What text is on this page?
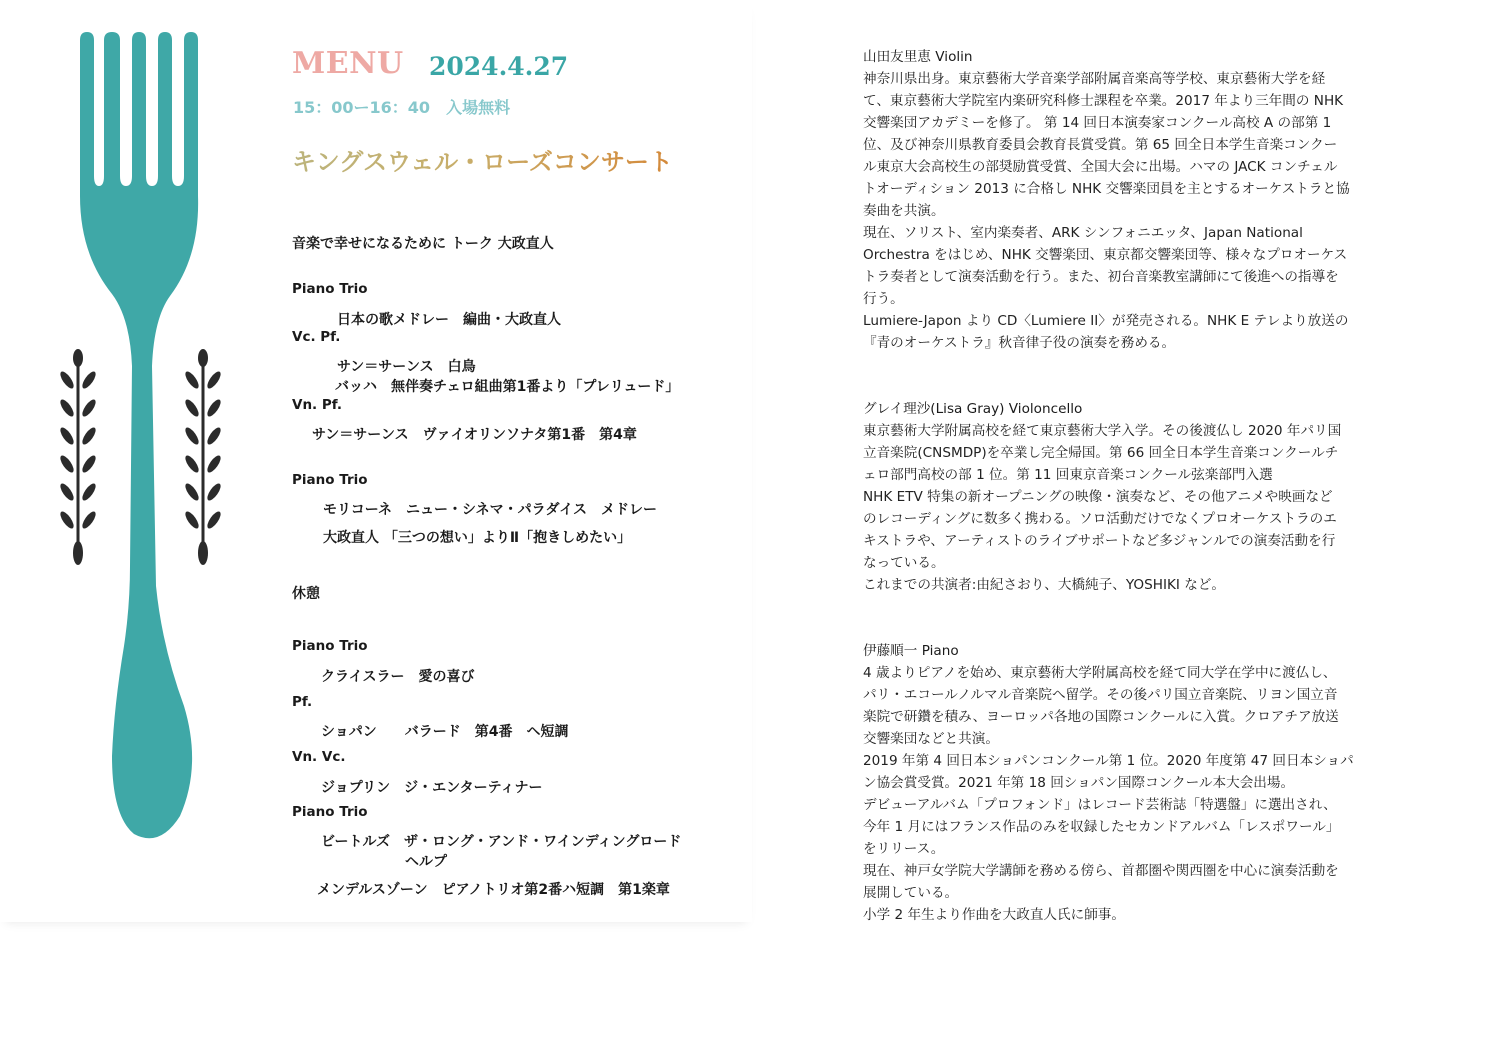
MENU 2024.4.27
15：00ー16：40　入場無料
キングスウェル・ローズコンサート
音楽で幸せになるために トーク 大政直人
Piano Trio
日本の歌メドレー　編曲・大政直人
Vc. Pf.
サン＝サーンス　白鳥
バッハ　無伴奏チェロ組曲第1番より「プレリュード」
Vn. Pf.
サン＝サーンス　ヴァイオリンソナタ第1番　第4章
Piano Trio
モリコーネ　ニュー・シネマ・パラダイス　メドレー
大政直人 「三つの想い」よりⅡ「抱きしめたい」
休憩
Piano Trio
クライスラー　愛の喜び
Pf.
ショパン　　バラード　第4番　ヘ短調
Vn. Vc.
ジョプリン　ジ・エンターティナー
Piano Trio
ビートルズ　ザ・ロング・アンド・ワインディングロード
ヘルプ
メンデルスゾーン　ピアノトリオ第2番ハ短調　第1楽章
山田友里恵 Violin
神奈川県出身。東京藝術大学音楽学部附属音楽高等学校、東京藝術大学を経
て、東京藝術大学院室内楽研究科修士課程を卒業。2017 年より三年間の NHK
交響楽団アカデミーを修了。 第 14 回日本演奏家コンクール高校 A の部第 1
位、及び神奈川県教育委員会教育長賞受賞。第 65 回全日本学生音楽コンクー
ル東京大会高校生の部奨励賞受賞、全国大会に出場。ハマの JACK コンチェル
トオーディション 2013 に合格し NHK 交響楽団員を主とするオーケストラと協
奏曲を共演。
現在、ソリスト、室内楽奏者、ARK シンフォニエッタ、Japan National
Orchestra をはじめ、NHK 交響楽団、東京都交響楽団等、様々なプロオーケス
トラ奏者として演奏活動を行う。また、初台音楽教室講師にて後進への指導を
行う。
Lumiere-Japon より CD〈Lumiere II〉が発売される。NHK E テレより放送の
『青のオーケストラ』秋音律子役の演奏を務める。
グレイ理沙(Lisa Gray) Violoncello
東京藝術大学附属高校を経て東京藝術大学入学。その後渡仏し 2020 年パリ国
立音楽院(CNSMDP)を卒業し完全帰国。第 66 回全日本学生音楽コンクールチ
ェロ部門高校の部 1 位。第 11 回東京音楽コンクール弦楽部門入選
NHK ETV 特集の新オープニングの映像・演奏など、その他アニメや映画など
のレコーディングに数多く携わる。ソロ活動だけでなくプロオーケストラのエ
キストラや、アーティストのライブサポートなど多ジャンルでの演奏活動を行
なっている。
これまでの共演者:由紀さおり、大橋純子、YOSHIKI など。
伊藤順一 Piano
4 歳よりピアノを始め、東京藝術大学附属高校を経て同大学在学中に渡仏し、
パリ・エコールノルマル音楽院へ留学。その後パリ国立音楽院、リヨン国立音
楽院で研鑽を積み、ヨーロッパ各地の国際コンクールに入賞。クロアチア放送
交響楽団などと共演。
2019 年第 4 回日本ショパンコンクール第 1 位。2020 年度第 47 回日本ショパ
ン協会賞受賞。2021 年第 18 回ショパン国際コンクール本大会出場。
デビューアルバム「プロフォンド」はレコード芸術誌「特選盤」に選出され、
今年 1 月にはフランス作品のみを収録したセカンドアルバム「レスポワール」
をリリース。
現在、神戸女学院大学講師を務める傍ら、首都圏や関西圏を中心に演奏活動を
展開している。
小学 2 年生より作曲を大政直人氏に師事。
